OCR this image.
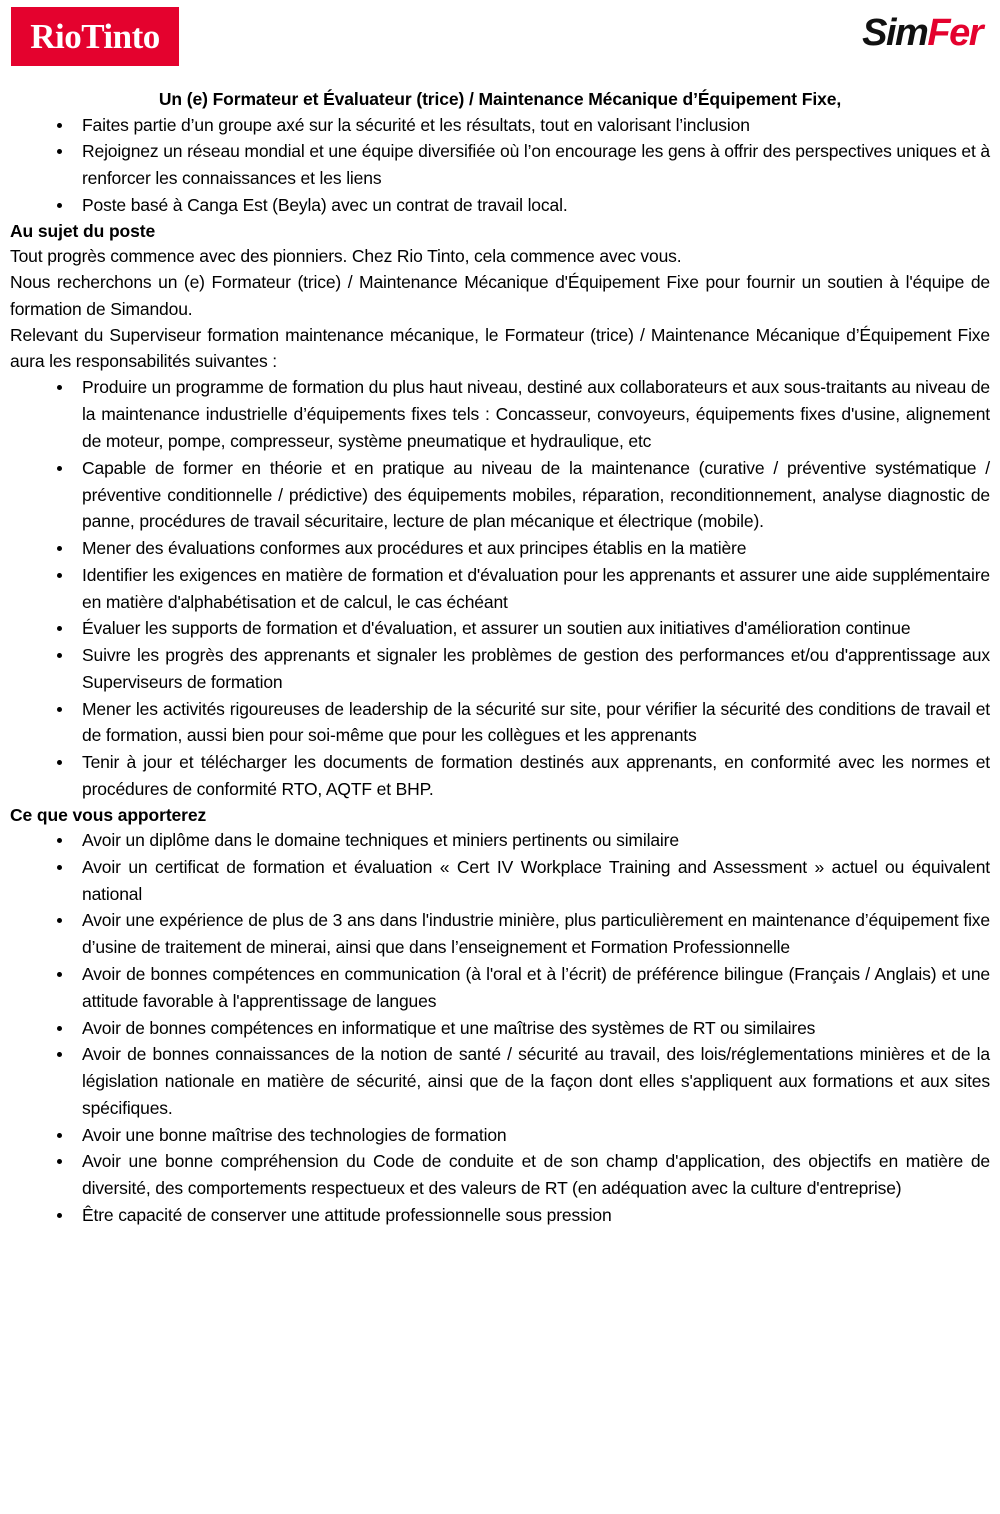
RioTinto	SimFer
Un (e) Formateur et Évaluateur (trice) / Maintenance Mécanique d’Équipement Fixe,
Faites partie d’un groupe axé sur la sécurité et les résultats, tout en valorisant l’inclusion
Rejoignez un réseau mondial et une équipe diversifiée où l’on encourage les gens à offrir des perspectives uniques et à renforcer les connaissances et les liens
Poste basé à Canga Est (Beyla) avec un contrat de travail local.
Au sujet du poste

Tout progrès commence avec des pionniers. Chez Rio Tinto, cela commence avec vous.

Nous recherchons un (e) Formateur (trice) / Maintenance Mécanique d'Équipement Fixe pour fournir un soutien à l'équipe de formation de Simandou.

Relevant du Superviseur formation maintenance mécanique, le Formateur (trice) / Maintenance Mécanique d’Équipement Fixe aura les responsabilités suivantes :

Produire un programme de formation du plus haut niveau, destiné aux collaborateurs et aux sous-traitants au niveau de la maintenance industrielle d’équipements fixes tels : Concasseur, convoyeurs, équipements fixes d'usine, alignement de moteur, pompe, compresseur, système pneumatique et hydraulique, etc
Capable de former en théorie et en pratique au niveau de la maintenance (curative / préventive systématique / préventive conditionnelle / prédictive) des équipements mobiles, réparation, reconditionnement, analyse diagnostic de panne, procédures de travail sécuritaire, lecture de plan mécanique et électrique (mobile).
Mener des évaluations conformes aux procédures et aux principes établis en la matière
Identifier les exigences en matière de formation et d'évaluation pour les apprenants et assurer une aide supplémentaire en matière d'alphabétisation et de calcul, le cas échéant
Évaluer les supports de formation et d'évaluation, et assurer un soutien aux initiatives d'amélioration continue
Suivre les progrès des apprenants et signaler les problèmes de gestion des performances et/ou d'apprentissage aux Superviseurs de formation
Mener les activités rigoureuses de leadership de la sécurité sur site, pour vérifier la sécurité des conditions de travail et de formation, aussi bien pour soi-même que pour les collègues et les apprenants
Tenir à jour et télécharger les documents de formation destinés aux apprenants, en conformité avec les normes et procédures de conformité RTO, AQTF et BHP.
Ce que vous apporterez
Avoir un diplôme dans le domaine techniques et miniers pertinents ou similaire
Avoir un certificat de formation et évaluation « Cert IV Workplace Training and Assessment » actuel ou équivalent national
Avoir une expérience de plus de 3 ans dans l'industrie minière, plus particulièrement en maintenance d’équipement fixe d’usine de traitement de minerai, ainsi que dans l’enseignement et Formation Professionnelle
Avoir de bonnes compétences en communication (à l'oral et à l’écrit) de préférence bilingue (Français / Anglais) et une attitude favorable à l'apprentissage de langues
Avoir de bonnes compétences en informatique et une maîtrise des systèmes de RT ou similaires
Avoir de bonnes connaissances de la notion de santé / sécurité au travail, des lois/réglementations minières et de la législation nationale en matière de sécurité, ainsi que de la façon dont elles s'appliquent aux formations et aux sites spécifiques.
Avoir une bonne maîtrise des technologies de formation
Avoir une bonne compréhension du Code de conduite et de son champ d'application, des objectifs en matière de diversité, des comportements respectueux et des valeurs de RT (en adéquation avec la culture d'entreprise)
Être capacité de conserver une attitude professionnelle sous pression
